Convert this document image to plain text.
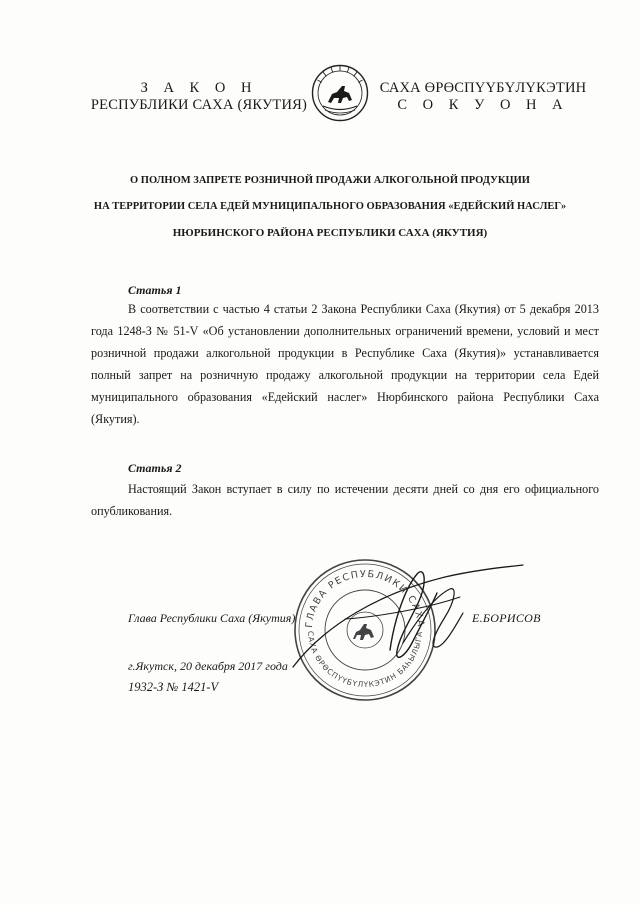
З А К О Н
РЕСПУБЛИКИ САХА (ЯКУТИЯ)
САХА ӨРӨСПҮҮБҮЛҮКЭТИН
С О К У О Н А
О ПОЛНОМ ЗАПРЕТЕ РОЗНИЧНОЙ ПРОДАЖИ АЛКОГОЛЬНОЙ ПРОДУКЦИИ
НА ТЕРРИТОРИИ СЕЛА ЕДЕЙ МУНИЦИПАЛЬНОГО ОБРАЗОВАНИЯ «ЕДЕЙСКИЙ НАСЛЕГ»
НЮРБИНСКОГО РАЙОНА РЕСПУБЛИКИ САХА (ЯКУТИЯ)
Статья 1
В соответствии с частью 4 статьи 2 Закона Республики Саха (Якутия) от 5 декабря 2013 года 1248-З № 51-V «Об установлении дополнительных ограничений времени, условий и мест розничной продажи алкогольной продукции в Республике Саха (Якутия)» устанавливается полный запрет на розничную продажу алкогольной продукции на территории села Едей муниципального образования «Едейский наслег» Нюрбинского района Республики Саха (Якутия).
Статья 2
Настоящий Закон вступает в силу по истечении десяти дней со дня его официального опубликования.
ГЛАВА РЕСПУБЛИКИ САХА
САХА ӨРӨСПҮҮБҮЛҮКЭТИН БАҺЫЛЫГА
Глава Республики Саха (Якутия)	Е.БОРИСОВ
г.Якутск, 20 декабря 2017 года
1932-З № 1421-V
